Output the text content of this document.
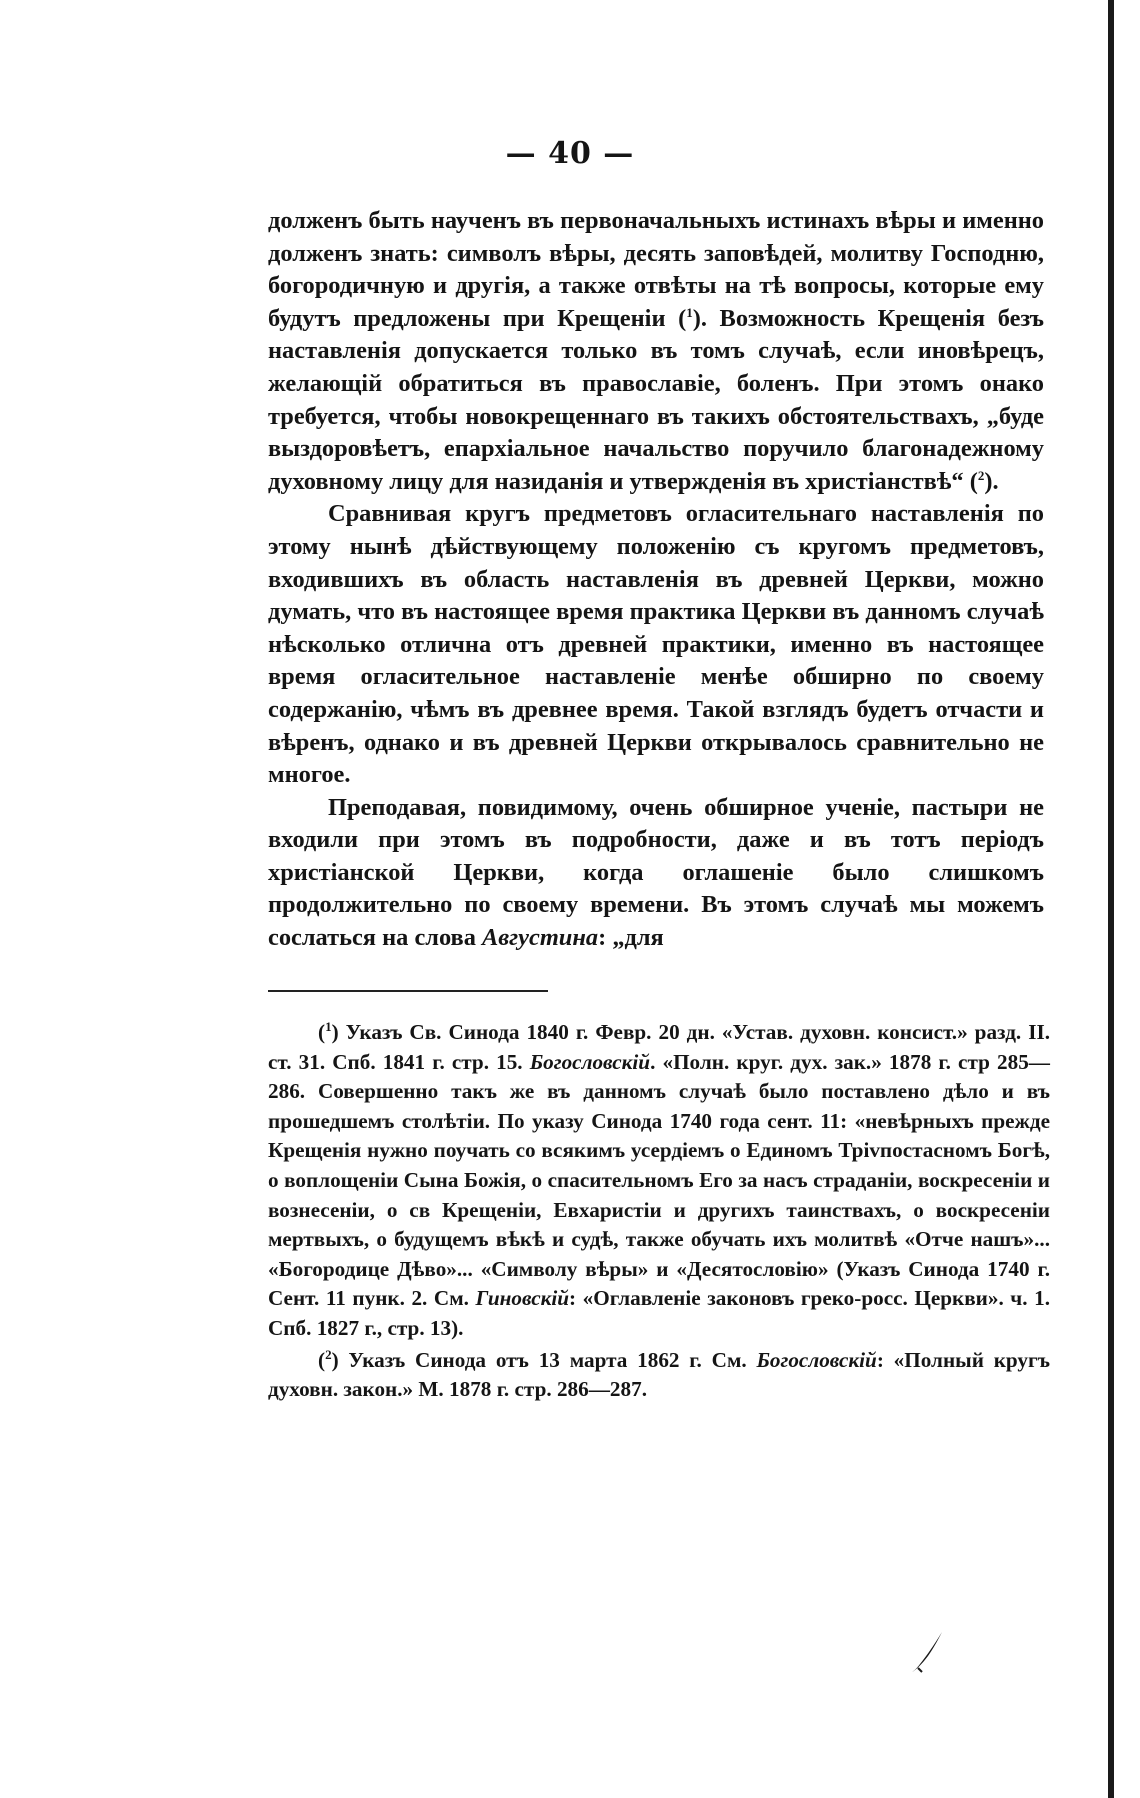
— 40 —

долженъ быть наученъ въ первоначальныхъ истинахъ вѣры и именно долженъ знать: символъ вѣры, десять заповѣдей, молитву Господню, богородичную и другія, а также отвѣты на тѣ вопросы, которые ему будутъ предложены при Крещеніи ($^1$). Возможность Крещенія безъ наставленія допускается только въ томъ случаѣ, если иновѣрецъ, желающій обратиться въ православіе, боленъ. При этомъ онако требуется, чтобы новокрещеннаго въ такихъ обстоятельствахъ, „буде выздоровѣетъ, епархіальное начальство поручило благонадежному духовному лицу для назиданія и утвержденія въ христіанствѣ“ ($^2$).

Сравнивая кругъ предметовъ огласительнаго наставленія по этому нынѣ дѣйствующему положенію съ кругомъ предметовъ, входившихъ въ область наставленія въ древней Церкви, можно думать, что въ настоящее время практика Церкви въ данномъ случаѣ нѣсколько отлична отъ древней практики, именно въ настоящее время огласительное наставленіе менѣе обширно по своему содержанію, чѣмъ въ древнее время. Такой взглядъ будетъ отчасти и вѣренъ, однако и въ древней Церкви открывалось сравнительно не многое.

Преподавая, повидимому, очень обширное ученіе, пастыри не входили при этомъ въ подробности, даже и въ тотъ періодъ христіанской Церкви, когда оглашеніе было слишкомъ продолжительно по своему времени. Въ этомъ случаѣ мы можемъ сослаться на слова Августина: „для

($^1$) Указъ Св. Синода 1840 г. Февр. 20 дн. «Устав. духовн. консист.» разд. II. ст. 31. Спб. 1841 г. стр. 15. Богословскій. «Полн. круг. дух. зак.» 1878 г. стр 285—286. Совершенно такъ же въ данномъ случаѣ было поставлено дѣло и въ прошедшемъ столѣтіи. По указу Синода 1740 года сент. 11: «невѣрныхъ прежде Крещенія нужно поучать со всякимъ усердіемъ о Единомъ Тріvпостасномъ Богѣ, о воплощеніи Сына Божія, о спасительномъ Его за насъ страданіи, воскресеніи и вознесеніи, о св Крещеніи, Евхаристіи и другихъ таинствахъ, о воскресеніи мертвыхъ, о будущемъ вѣкѣ и судѣ, также обучать ихъ молитвѣ «Отче нашъ»... «Богородице Дѣво»... «Символу вѣры» и «Десятословію» (Указъ Синода 1740 г. Сент. 11 пунк. 2. См. Гиновскій: «Оглавленіе законовъ греко-росс. Церкви». ч. 1. Спб. 1827 г., стр. 13).

($^2$) Указъ Синода отъ 13 марта 1862 г. См. Богословскій: «Полный кругъ духовн. закон.» М. 1878 г. стр. 286—287.
